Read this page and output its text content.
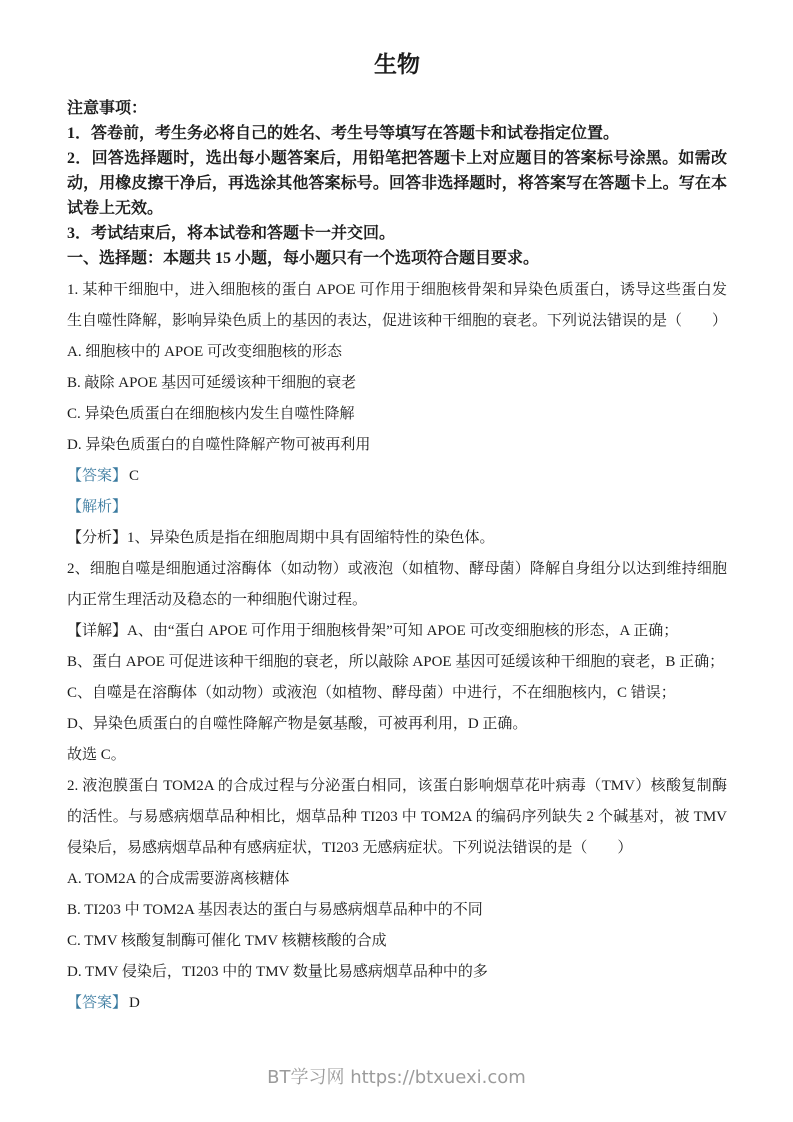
生物

注意事项：

1．答卷前，考生务必将自己的姓名、考生号等填写在答题卡和试卷指定位置。

2．回答选择题时，选出每小题答案后，用铅笔把答题卡上对应题目的答案标号涂黑。如需改动，用橡皮擦干净后，再选涂其他答案标号。回答非选择题时，将答案写在答题卡上。写在本试卷上无效。

3．考试结束后，将本试卷和答题卡一并交回。

一、选择题：本题共 15 小题，每小题只有一个选项符合题目要求。

1. 某种干细胞中，进入细胞核的蛋白 APOE 可作用于细胞核骨架和异染色质蛋白，诱导这些蛋白发生自噬性降解，影响异染色质上的基因的表达，促进该种干细胞的衰老。下列说法错误的是（　　）

A. 细胞核中的 APOE 可改变细胞核的形态

B. 敲除 APOE 基因可延缓该种干细胞的衰老

C. 异染色质蛋白在细胞核内发生自噬性降解

D. 异染色质蛋白的自噬性降解产物可被再利用

【答案】 C

【解析】

【分析】1、异染色质是指在细胞周期中具有固缩特性的染色体。

2、细胞自噬是细胞通过溶酶体（如动物）或液泡（如植物、酵母菌）降解自身组分以达到维持细胞内正常生理活动及稳态的一种细胞代谢过程。

【详解】A、由“蛋白 APOE 可作用于细胞核骨架”可知 APOE 可改变细胞核的形态，A 正确；

B、蛋白 APOE 可促进该种干细胞的衰老，所以敲除 APOE 基因可延缓该种干细胞的衰老，B 正确；

C、自噬是在溶酶体（如动物）或液泡（如植物、酵母菌）中进行，不在细胞核内，C 错误；

D、异染色质蛋白的自噬性降解产物是氨基酸，可被再利用，D 正确。

故选 C。

2. 液泡膜蛋白 TOM2A 的合成过程与分泌蛋白相同，该蛋白影响烟草花叶病毒（TMV）核酸复制酶的活性。与易感病烟草品种相比，烟草品种 TI203 中 TOM2A 的编码序列缺失 2 个碱基对，被 TMV 侵染后，易感病烟草品种有感病症状，TI203 无感病症状。下列说法错误的是（　　）

A. TOM2A 的合成需要游离核糖体

B. TI203 中 TOM2A 基因表达的蛋白与易感病烟草品种中的不同

C. TMV 核酸复制酶可催化 TMV 核糖核酸的合成

D. TMV 侵染后，TI203 中的 TMV 数量比易感病烟草品种中的多

【答案】 D

BT学习网 https://btxuexi.com
